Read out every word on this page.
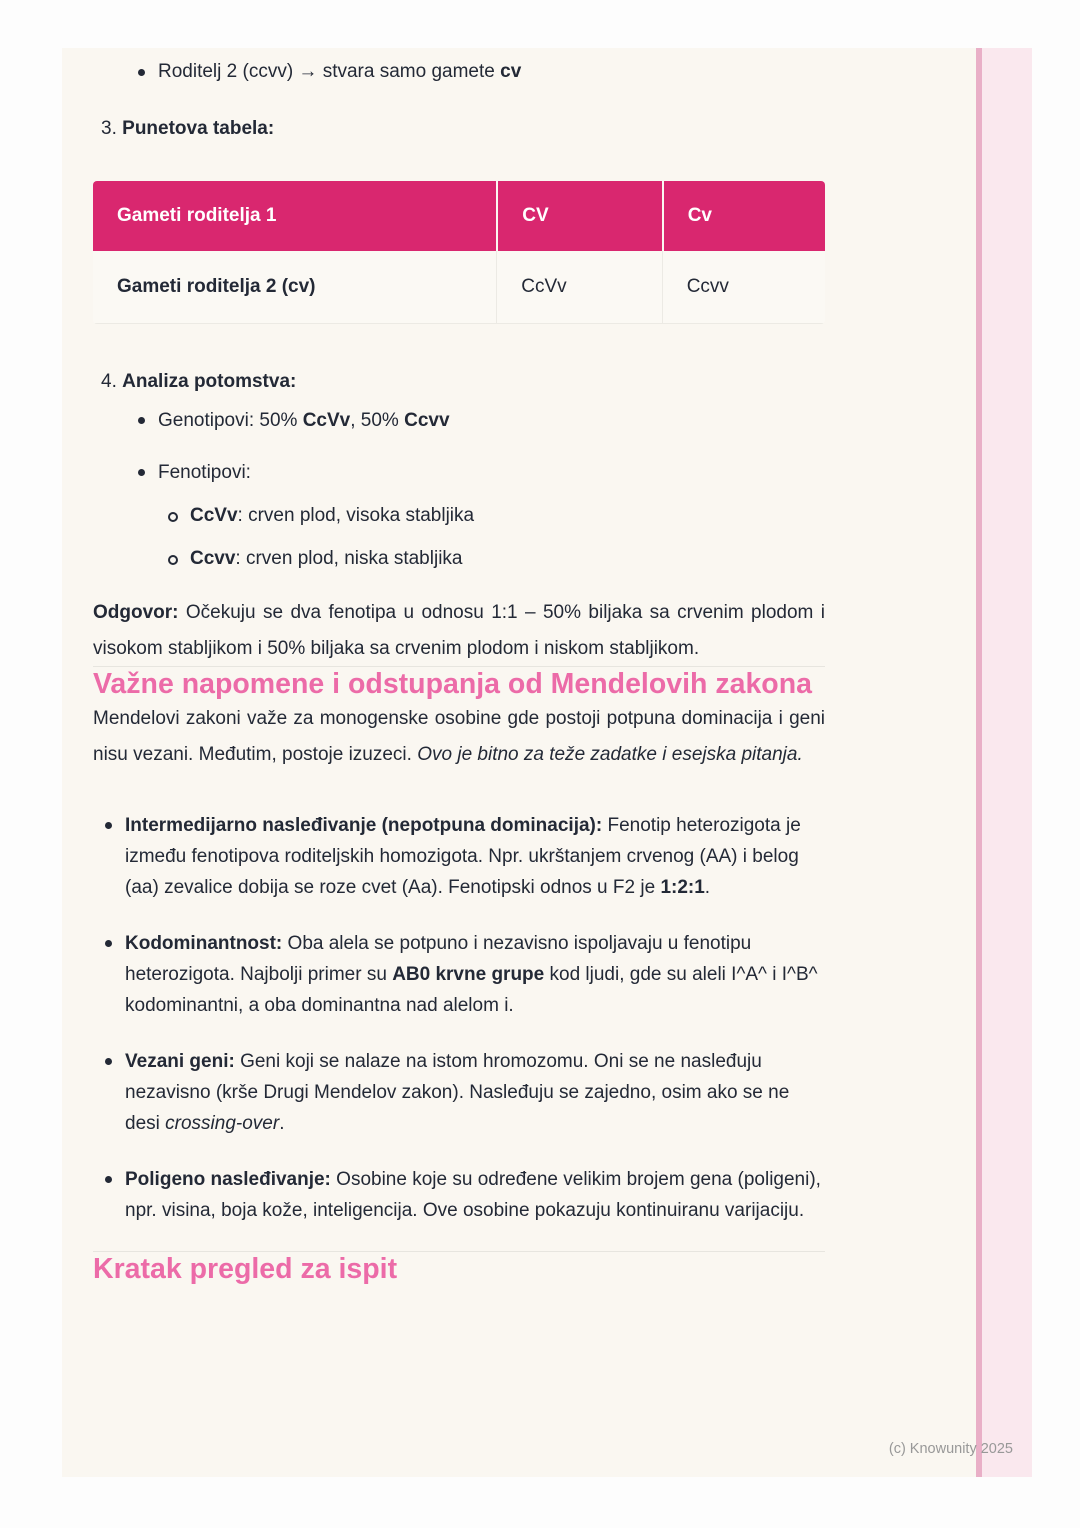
Roditelj 2 (ccvv) → stvara samo gamete cv
3. Punetova tabela:
Gameti roditelja 1	CV	Cv
Gameti roditelja 2 (cv)	CcVv	Ccvv
4. Analiza potomstva:
Genotipovi: 50% CcVv, 50% Ccvv
Fenotipovi:
CcVv: crven plod, visoka stabljika
Ccvv: crven plod, niska stabljika

Odgovor: Očekuju se dva fenotipa u odnosu 1:1 – 50% biljaka sa crvenim plodom i visokom stabljikom i 50% biljaka sa crvenim plodom i niskom stabljikom.

Važne napomene i odstupanja od Mendelovih zakona

Mendelovi zakoni važe za monogenske osobine gde postoji potpuna dominacija i geni nisu vezani. Međutim, postoje izuzeci. Ovo je bitno za teže zadatke i esejska pitanja.

Intermedijarno nasleđivanje (nepotpuna dominacija): Fenotip heterozigota je između fenotipova roditeljskih homozigota. Npr. ukrštanjem crvenog (AA) i belog (aa) zevalice dobija se roze cvet (Aa). Fenotipski odnos u F2 je 1:2:1.
Kodominantnost: Oba alela se potpuno i nezavisno ispoljavaju u fenotipu heterozigota. Najbolji primer su AB0 krvne grupe kod ljudi, gde su aleli I^A^ i I^B^ kodominantni, a oba dominantna nad alelom i.
Vezani geni: Geni koji se nalaze na istom hromozomu. Oni se ne nasleđuju nezavisno (krše Drugi Mendelov zakon). Nasleđuju se zajedno, osim ako se ne desi crossing-over.
Poligeno nasleđivanje: Osobine koje su određene velikim brojem gena (poligeni), npr. visina, boja kože, inteligencija. Ove osobine pokazuju kontinuiranu varijaciju.
Kratak pregled za ispit
(c) Knowunity 2025
